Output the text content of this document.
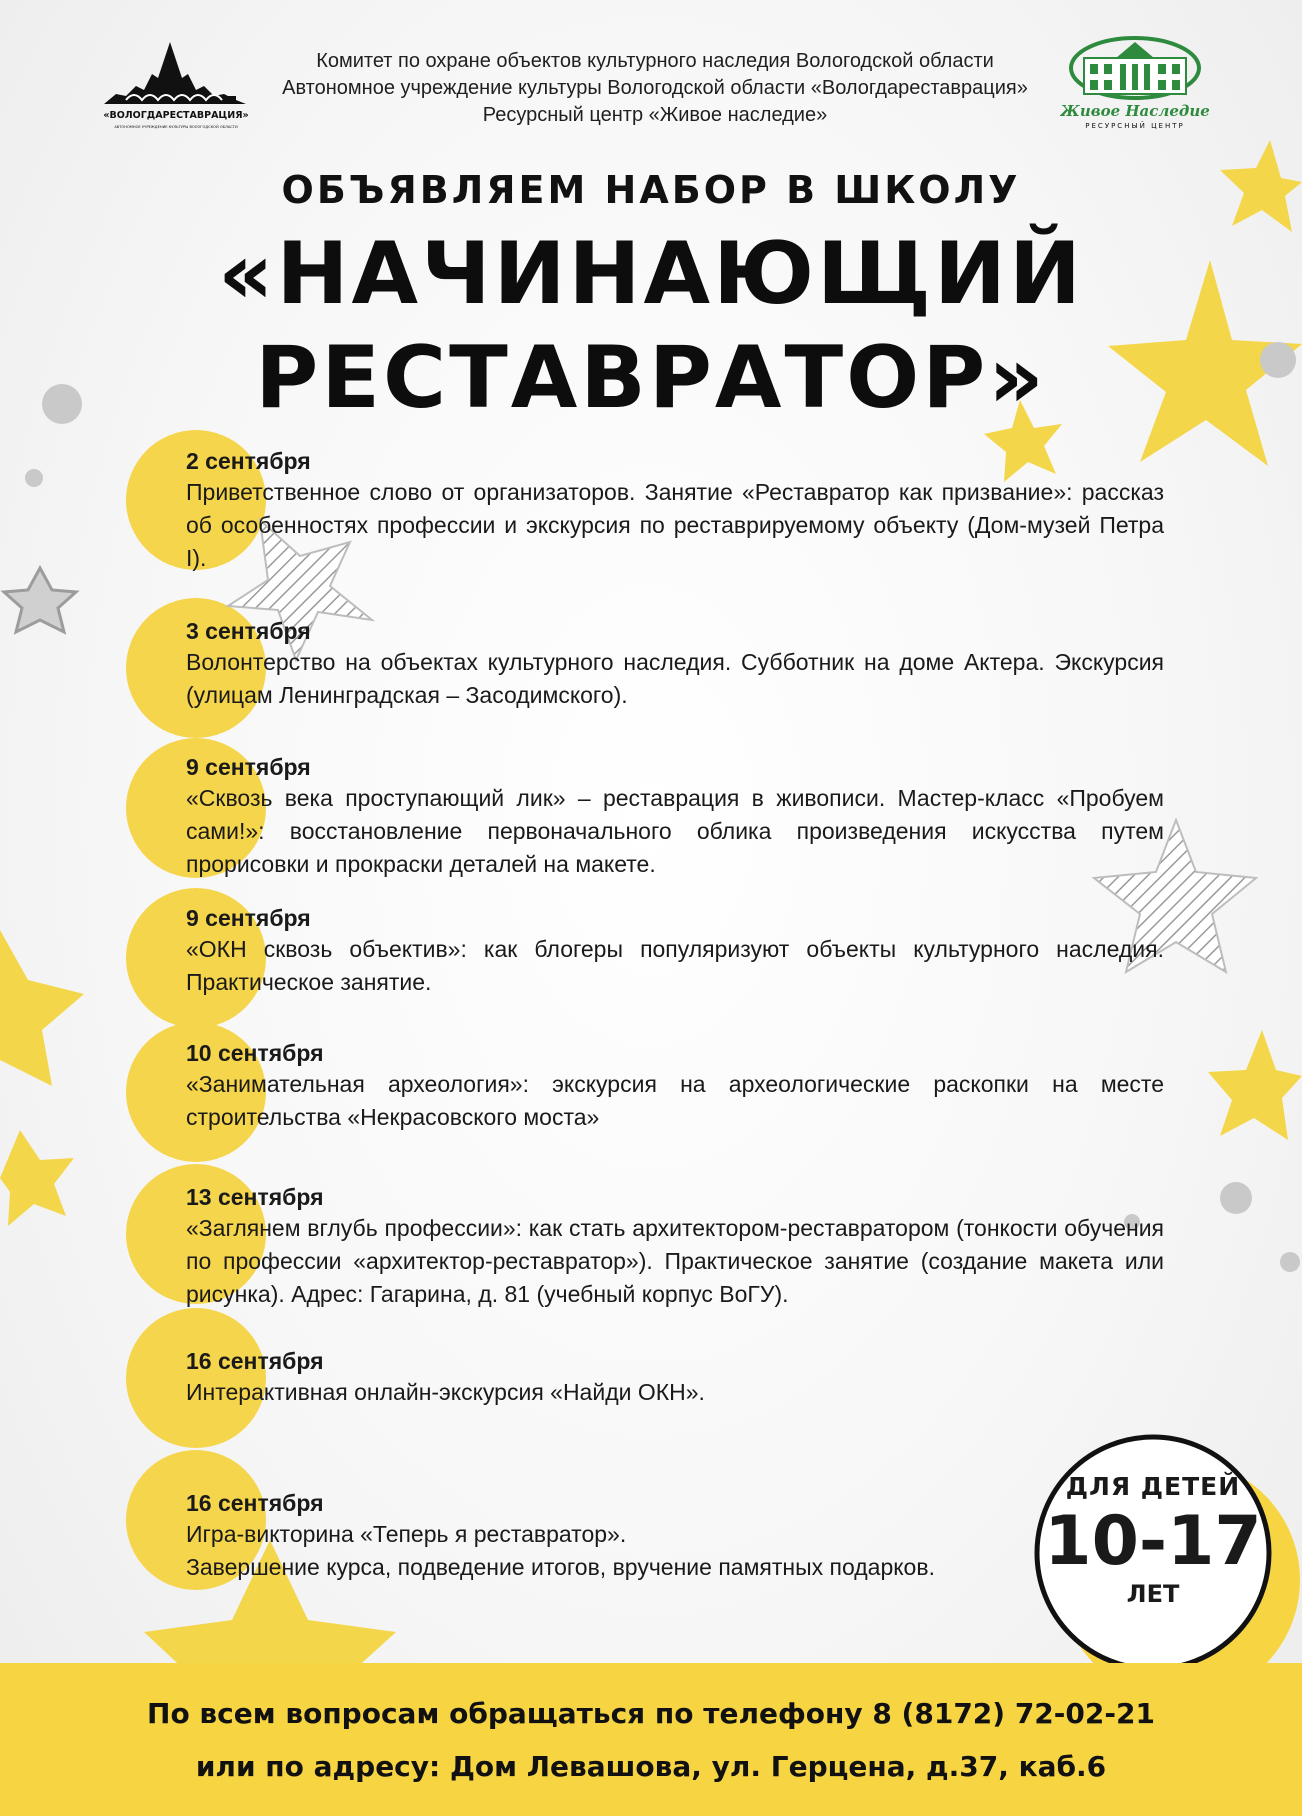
«ВОЛОГДАРЕСТАВРАЦИЯ»
АВТОНОМНОЕ УЧРЕЖДЕНИЕ КУЛЬТУРЫ ВОЛОГОДСКОЙ ОБЛАСТИ
Живое Наследие
РЕСУРСНЫЙ ЦЕНТР
Комитет по охране объектов культурного наследия Вологодской области
Автономное учреждение культуры Вологодской области «Вологдареставрация»
Ресурсный центр «Живое наследие»
ОБЪЯВЛЯЕМ НАБОР В ШКОЛУ
«НАЧИНАЮЩИЙ
РЕСТАВРАТОР»
2 сентября
Приветственное слово от организаторов. Занятие «Реставратор как призвание»: рассказ об особенностях профессии и экскурсия по реставрируемому объекту (Дом-музей Петра I).
3 сентября
Волонтерство на объектах культурного наследия. Субботник на доме Актера. Экскурсия (улицам Ленинградская – Засодимского).
9 сентября
«Сквозь века проступающий лик» – реставрация в живописи. Мастер-класс «Пробуем сами!»: восстановление первоначального облика произведения искусства путем прорисовки и прокраски деталей на макете.
9 сентября
«ОКН сквозь объектив»: как блогеры популяризуют объекты культурного наследия. Практическое занятие.
10 сентября
«Занимательная археология»: экскурсия на археологические раскопки на месте строительства «Некрасовского моста»
13 сентября
«Заглянем вглубь профессии»: как стать архитектором-реставратором (тонкости обучения по профессии «архитектор-реставратор»). Практическое занятие (создание макета или рисунка). Адрес: Гагарина, д. 81 (учебный корпус ВоГУ).
16 сентября
Интерактивная онлайн-экскурсия «Найди ОКН».
16 сентября
Игра-викторина «Теперь я реставратор».
Завершение курса, подведение итогов, вручение памятных подарков.
ДЛЯ ДЕТЕЙ
10-17
ЛЕТ
По всем вопросам обращаться по телефону 8 (8172) 72-02-21
или по адресу: Дом Левашова, ул. Герцена, д.37, каб.6
